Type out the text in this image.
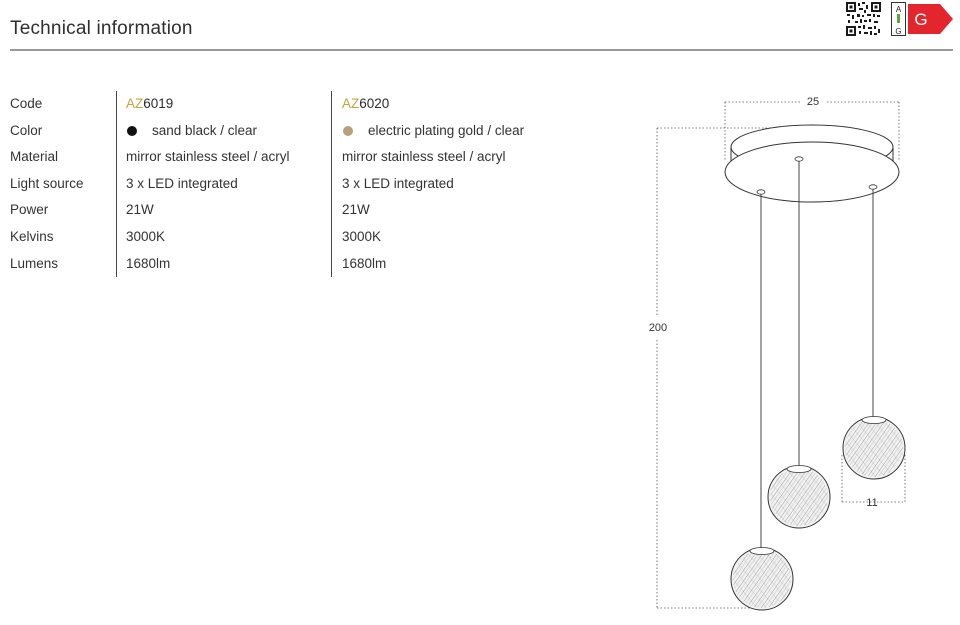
Technical information
A
G
G
Code
Color
Material
Light source
Power
Kelvins
Lumens
AZ6019
sand black / clear
mirror stainless steel / acryl
3 x LED integrated
21W
3000K
1680lm
AZ6020
electric plating gold / clear
mirror stainless steel / acryl
3 x LED integrated
21W
3000K
1680lm
25
200
11
